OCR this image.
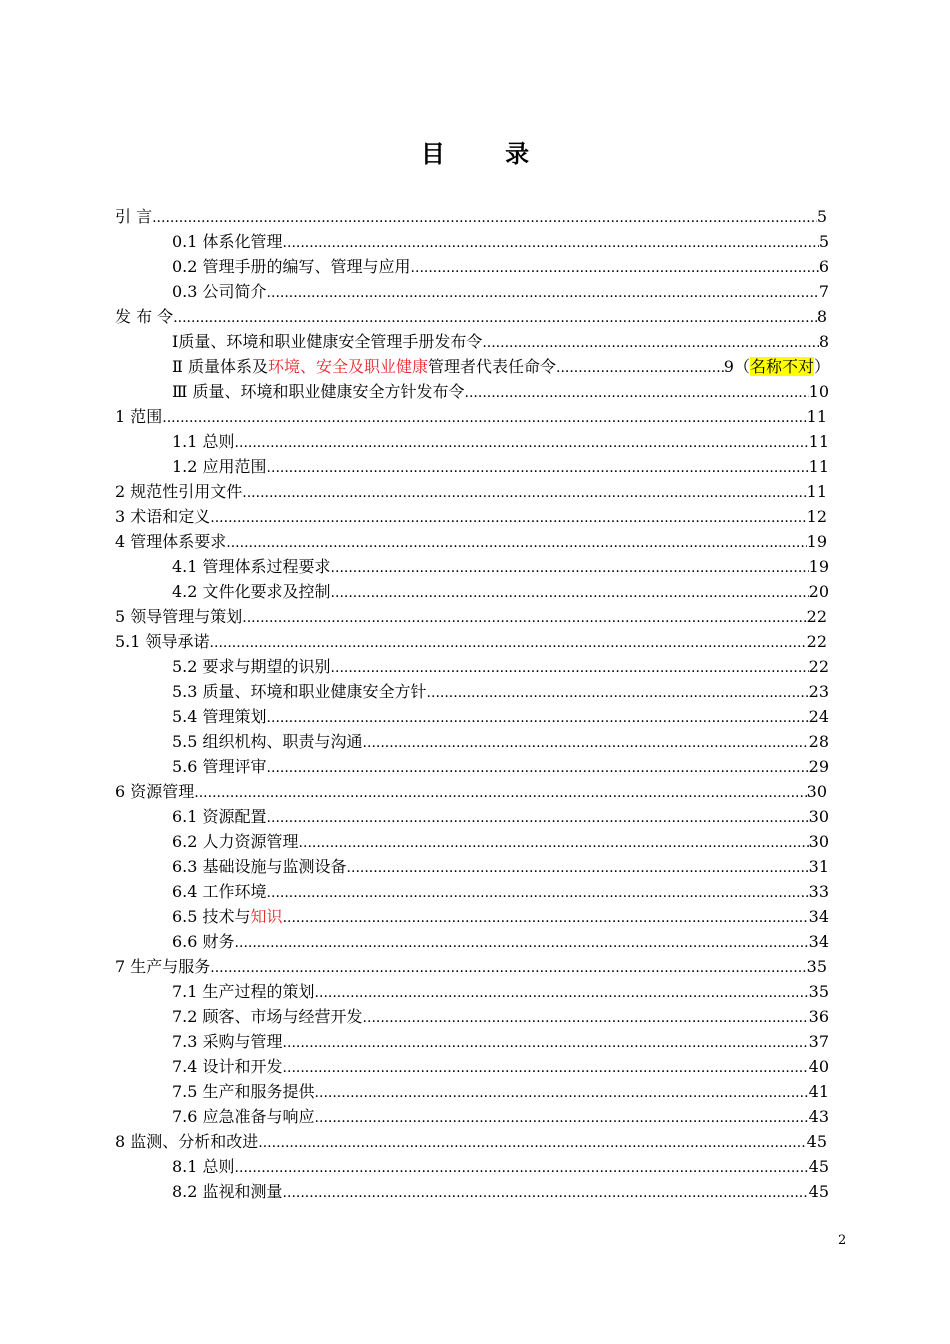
目 录
引 言 .....	5
0.1 体系化管理 .....	5
0.2 管理手册的编写、管理与应用 .....	6
0.3 公司简介 .....	7
发 布 令 .....	8
Ⅰ质量、环境和职业健康安全管理手册发布令 .....	8
Ⅱ 质量体系及环境、安全及职业健康管理者代表任命令 .....	9 （名称不对）
Ⅲ 质量、环境和职业健康安全方针发布令 .....	10
1 范围 .....	11
1.1 总则 .....	11
1.2 应用范围 .....	11
2 规范性引用文件 .....	11
3 术语和定义 .....	12
4 管理体系要求 .....	19
4.1 管理体系过程要求 .....	19
4.2 文件化要求及控制 .....	20
5 领导管理与策划 .....	22
5.1 领导承诺 .....	22
5.2 要求与期望的识别 .....	22
5.3 质量、环境和职业健康安全方针 .....	23
5.4 管理策划 .....	24
5.5 组织机构、职责与沟通 .....	28
5.6 管理评审 .....	29
6 资源管理 .....	30
6.1 资源配置 .....	30
6.2 人力资源管理 .....	30
6.3 基础设施与监测设备 .....	31
6.4 工作环境 .....	33
6.5 技术与知识 .....	34
6.6 财务 .....	34
7 生产与服务 .....	35
7.1 生产过程的策划 .....	35
7.2 顾客、市场与经营开发 .....	36
7.3 采购与管理 .....	37
7.4 设计和开发 .....	40
7.5 生产和服务提供 .....	41
7.6 应急准备与响应 .....	43
8 监测、分析和改进 .....	45
8.1 总则 .....	45
8.2 监视和测量 .....	45
2
